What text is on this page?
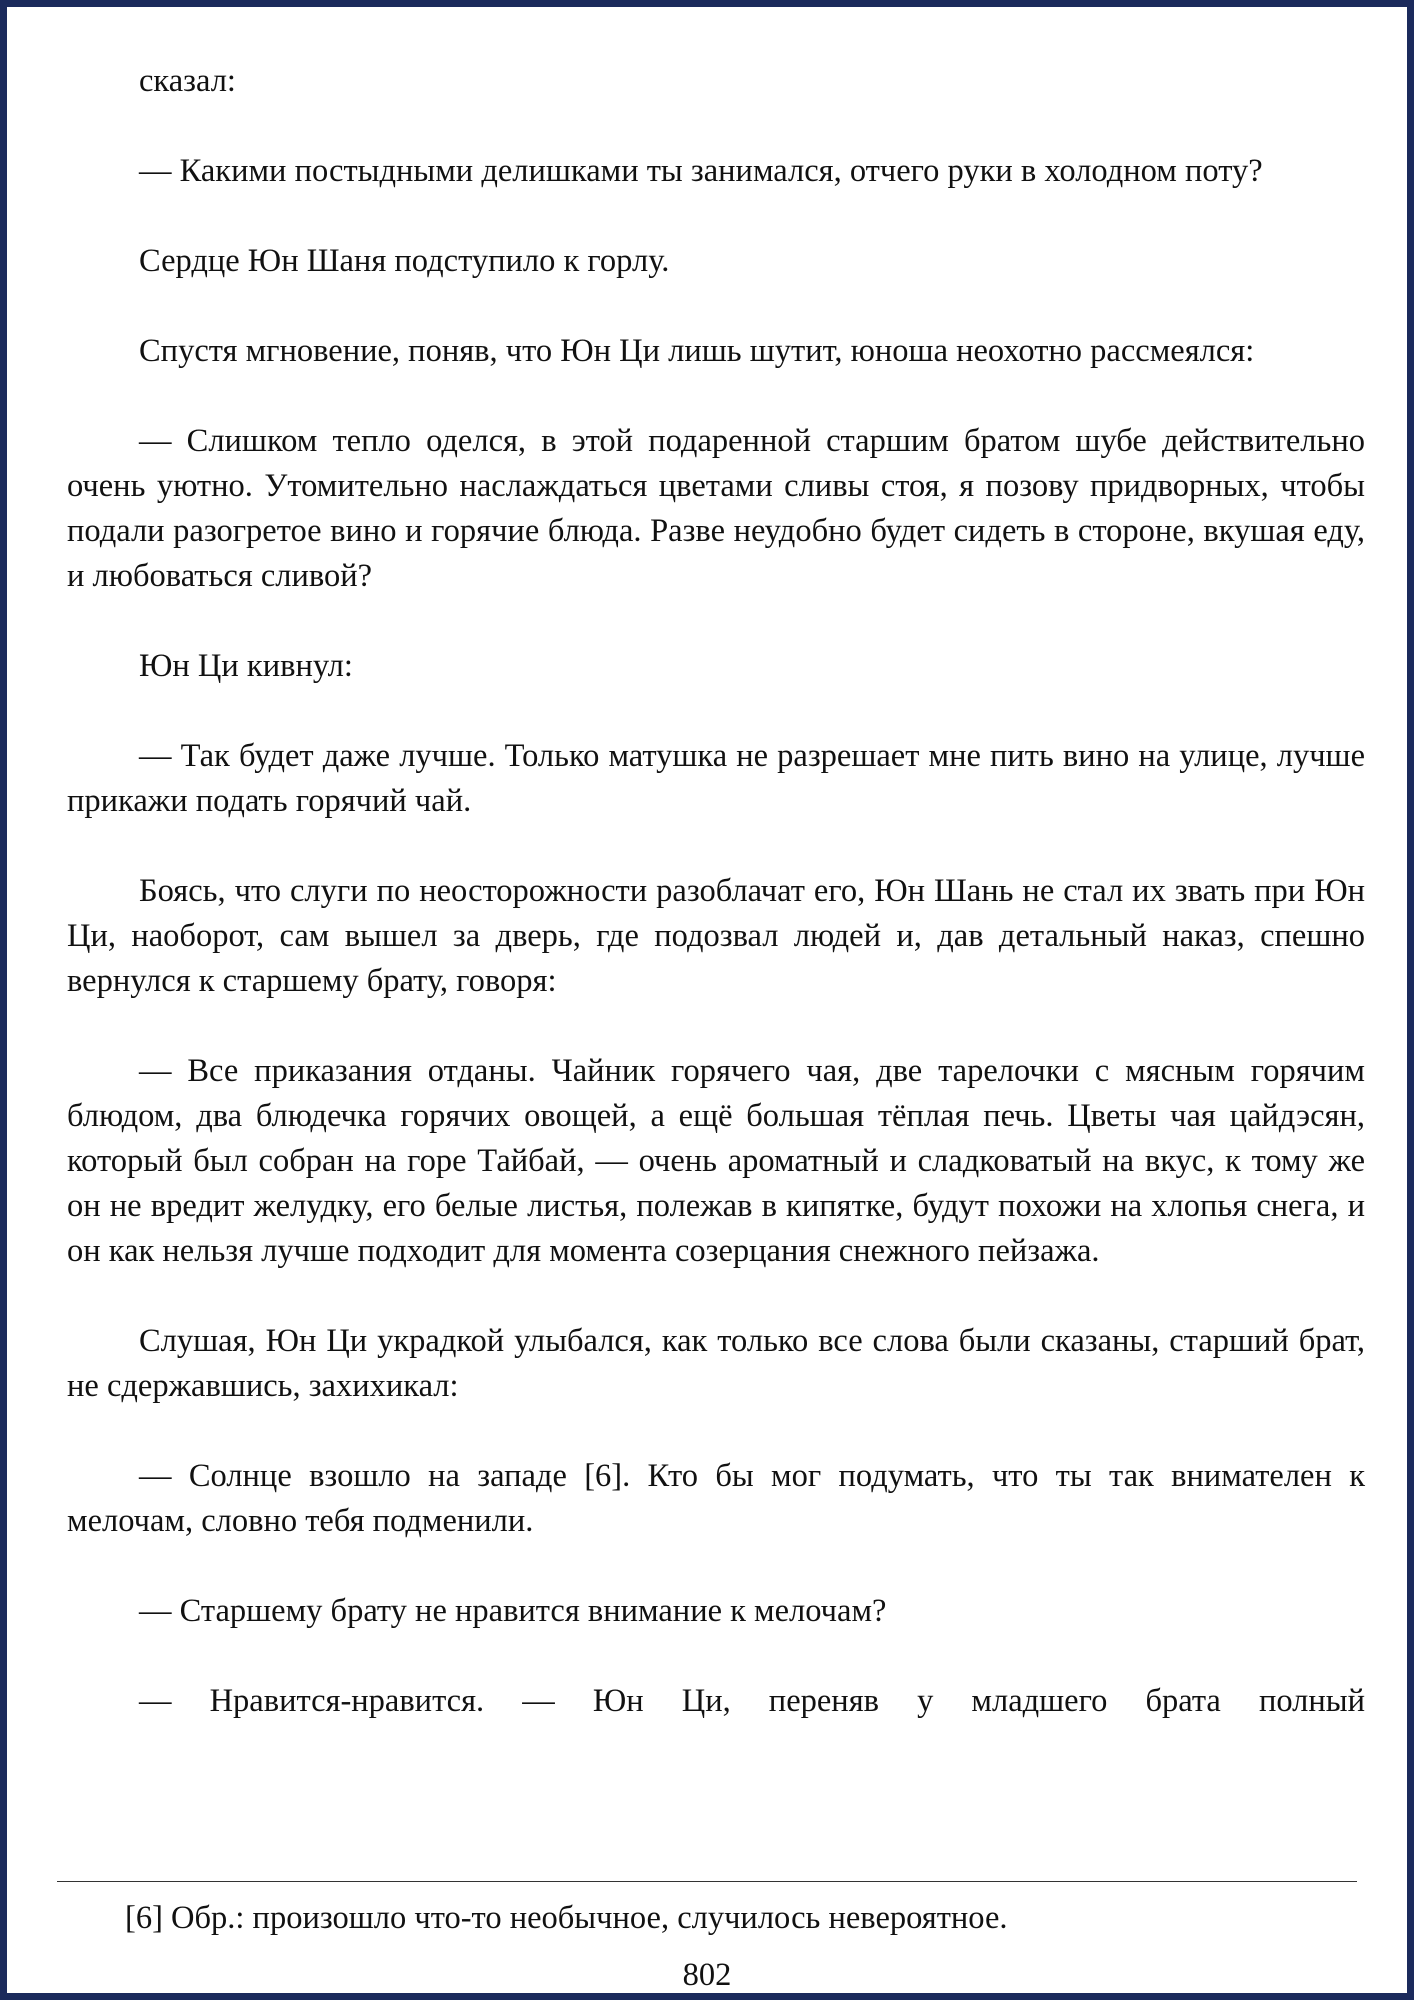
сказал:

— Какими постыдными делишками ты занимался, отчего руки в холодном поту?

Сердце Юн Шаня подступило к горлу.

Спустя мгновение, поняв, что Юн Ци лишь шутит, юноша неохотно рассмеялся:

— Слишком тепло оделся, в этой подаренной старшим братом шубе действительно очень уютно. Утомительно наслаждаться цветами сливы стоя, я позову придворных, чтобы подали разогретое вино и горячие блюда. Разве неудобно будет сидеть в стороне, вкушая еду, и любоваться сливой?

Юн Ци кивнул:

— Так будет даже лучше. Только матушка не разрешает мне пить вино на улице, лучше прикажи подать горячий чай.

Боясь, что слуги по неосторожности разоблачат его, Юн Шань не стал их звать при Юн Ци, наоборот, сам вышел за дверь, где подозвал людей и, дав детальный наказ, спешно вернулся к старшему брату, говоря:

— Все приказания отданы. Чайник горячего чая, две тарелочки с мясным горячим блюдом, два блюдечка горячих овощей, а ещё большая тёплая печь. Цветы чая цайдэсян, который был собран на горе Тайбай, — очень ароматный и сладковатый на вкус, к тому же он не вредит желудку, его белые листья, полежав в кипятке, будут похожи на хлопья снега, и он как нельзя лучше подходит для момента созерцания снежного пейзажа.

Слушая, Юн Ци украдкой улыбался, как только все слова были сказаны, старший брат, не сдержавшись, захихикал:

— Солнце взошло на западе [6]. Кто бы мог подумать, что ты так внимателен к мелочам, словно тебя подменили.

— Старшему брату не нравится внимание к мелочам?

— Нравится-нравится. — Юн Ци, переняв у младшего брата полный

[6] Обр.: произошло что-то необычное, случилось невероятное.
802
